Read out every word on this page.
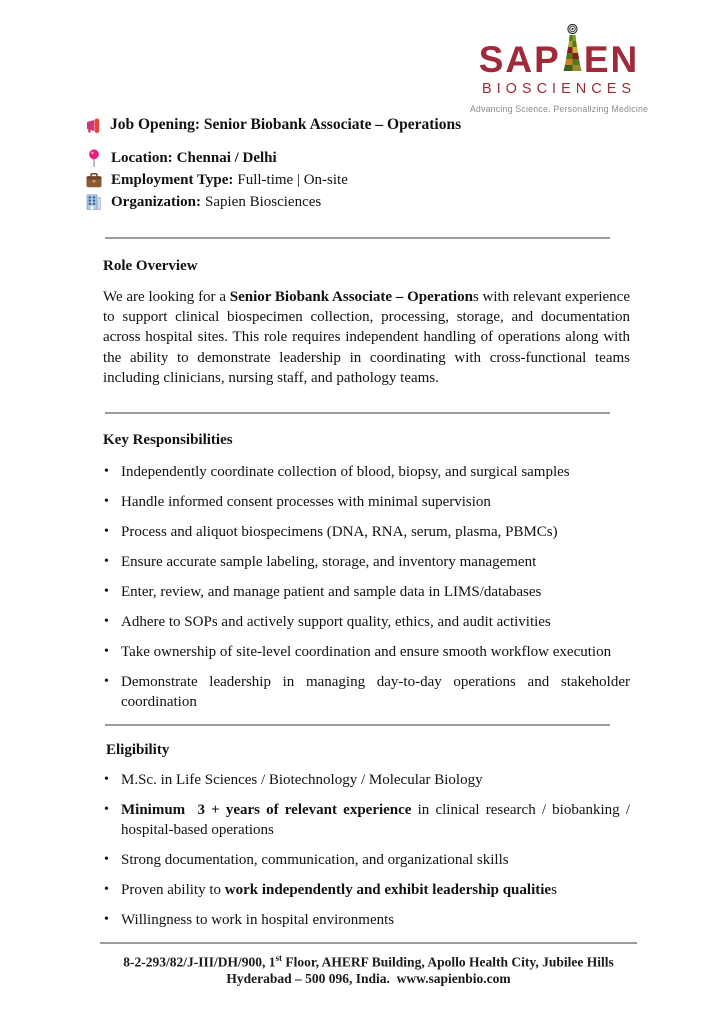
SAP EN
BIOSCIENCES
Advancing Science. Personalizing Medicine
Job Opening: Senior Biobank Associate – Operations
Location: Chennai / Delhi
Employment Type: Full-time | On-site
Organization: Sapien Biosciences
Role Overview

We are looking for a Senior Biobank Associate – Operations with relevant experience to support clinical biospecimen collection, processing, storage, and documentation across hospital sites. This role requires independent handling of operations along with the ability to demonstrate leadership in coordinating with cross-functional teams including clinicians, nursing staff, and pathology teams.

Key Responsibilities
• Independently coordinate collection of blood, biopsy, and surgical samples
• Handle informed consent processes with minimal supervision
• Process and aliquot biospecimens (DNA, RNA, serum, plasma, PBMCs)
• Ensure accurate sample labeling, storage, and inventory management
• Enter, review, and manage patient and sample data in LIMS/databases
• Adhere to SOPs and actively support quality, ethics, and audit activities
• Take ownership of site-level coordination and ensure smooth workflow execution
• Demonstrate leadership in managing day-to-day operations and stakeholder coordination
Eligibility
• M.Sc. in Life Sciences / Biotechnology / Molecular Biology
• Minimum  3 + years of relevant experience in clinical research / biobanking / hospital-based operations
• Strong documentation, communication, and organizational skills
• Proven ability to work independently and exhibit leadership qualities
• Willingness to work in hospital environments
8-2-293/82/J-III/DH/900, 1st Floor, AHERF Building, Apollo Health City, Jubilee Hills
Hyderabad – 500 096, India.  www.sapienbio.com
